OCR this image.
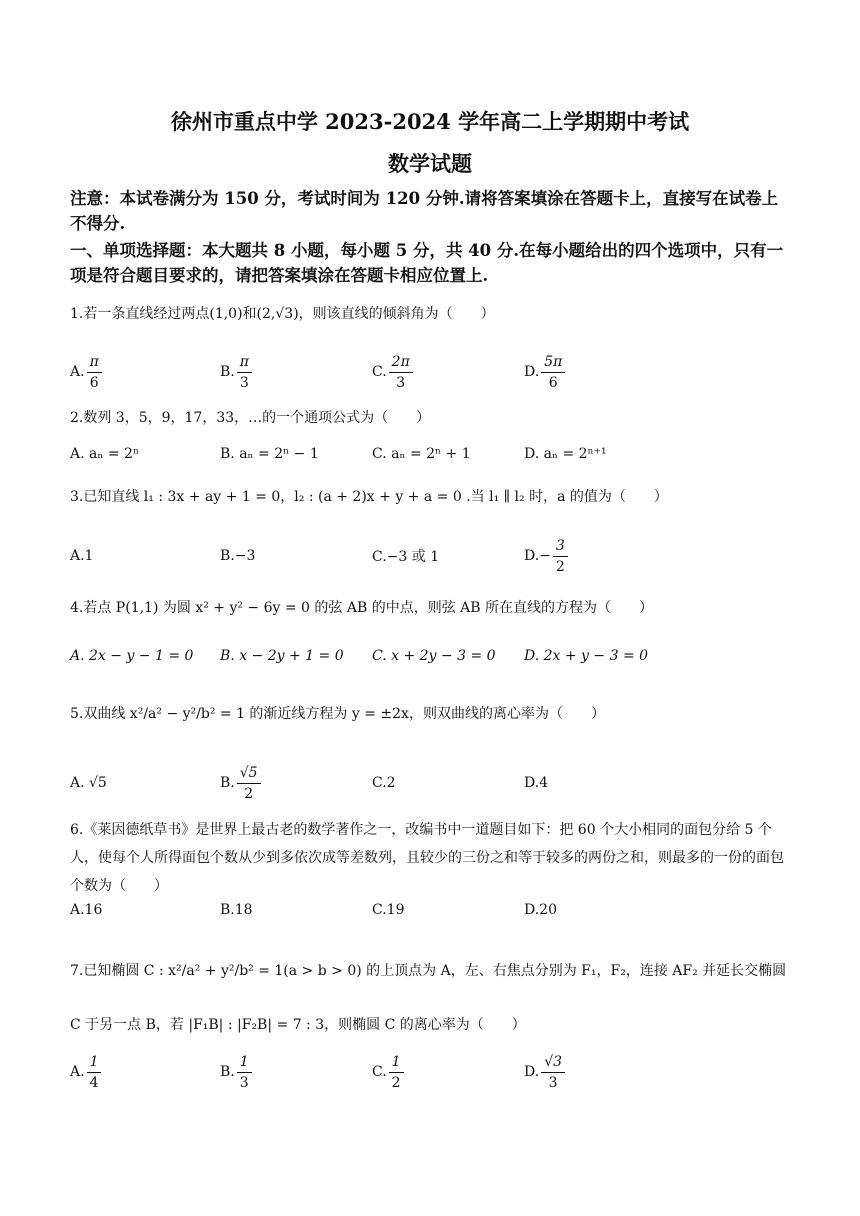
徐州市重点中学 2023-2024 学年高二上学期期中考试
数学试题
注意：本试卷满分为 150 分，考试时间为 120 分钟.请将答案填涂在答题卡上，直接写在试卷上不得分.
一、单项选择题：本大题共 8 小题，每小题 5 分，共 40 分.在每小题给出的四个选项中，只有一项是符合题目要求的，请把答案填涂在答题卡相应位置上.
1.若一条直线经过两点(1,0)和(2,√3)，则该直线的倾斜角为（　　）
A. $\frac{\pi}{6}$	B. $\frac{\pi}{3}$	C. $\frac{2\pi}{3}$	D. $\frac{5\pi}{6}$
2.数列 3，5，9，17，33，…的一个通项公式为（　　）
A. aₙ = 2ⁿ	B. aₙ = 2ⁿ − 1	C. aₙ = 2ⁿ + 1	D. aₙ = 2ⁿ⁺¹
3.已知直线 l₁ : 3x + ay + 1 = 0，l₂ : (a + 2)x + y + a = 0 .当 l₁ ∥ l₂ 时，a 的值为（　　）
A.1	B.−3	C.−3 或 1	$D.- \frac{3}{2}$
4.若点 P(1,1) 为圆 x² + y² − 6y = 0 的弦 AB 的中点，则弦 AB 所在直线的方程为（　　）
A. 2x − y − 1 = 0 B. x − 2y + 1 = 0 C. x + 2y − 3 = 0 D. 2x + y − 3 = 0
5.双曲线 x²/a² − y²/b² = 1 的渐近线方程为 y = ±2x，则双曲线的离心率为（　　）
A. √5	B. $\frac{√5}{2}$	C.2	D.4
6.《莱因德纸草书》是世界上最古老的数学著作之一，改编书中一道题目如下：把 60 个大小相同的面包分给 5 个人，使每个人所得面包个数从少到多依次成等差数列，且较少的三份之和等于较多的两份之和，则最多的一份的面包个数为（　　）
A.16	B.18	C.19	D.20
7.已知椭圆 C : x²/a² + y²/b² = 1(a > b > 0) 的上顶点为 A，左、右焦点分别为 F₁，F₂，连接 AF₂ 并延长交椭圆 C 于另一点 B，若 |F₁B| : |F₂B| = 7 : 3，则椭圆 C 的离心率为（　　）
A. $\frac{1}{4}$	B. $\frac{1}{3}$	C. $\frac{1}{2}$	D. $\frac{√3}{3}$
